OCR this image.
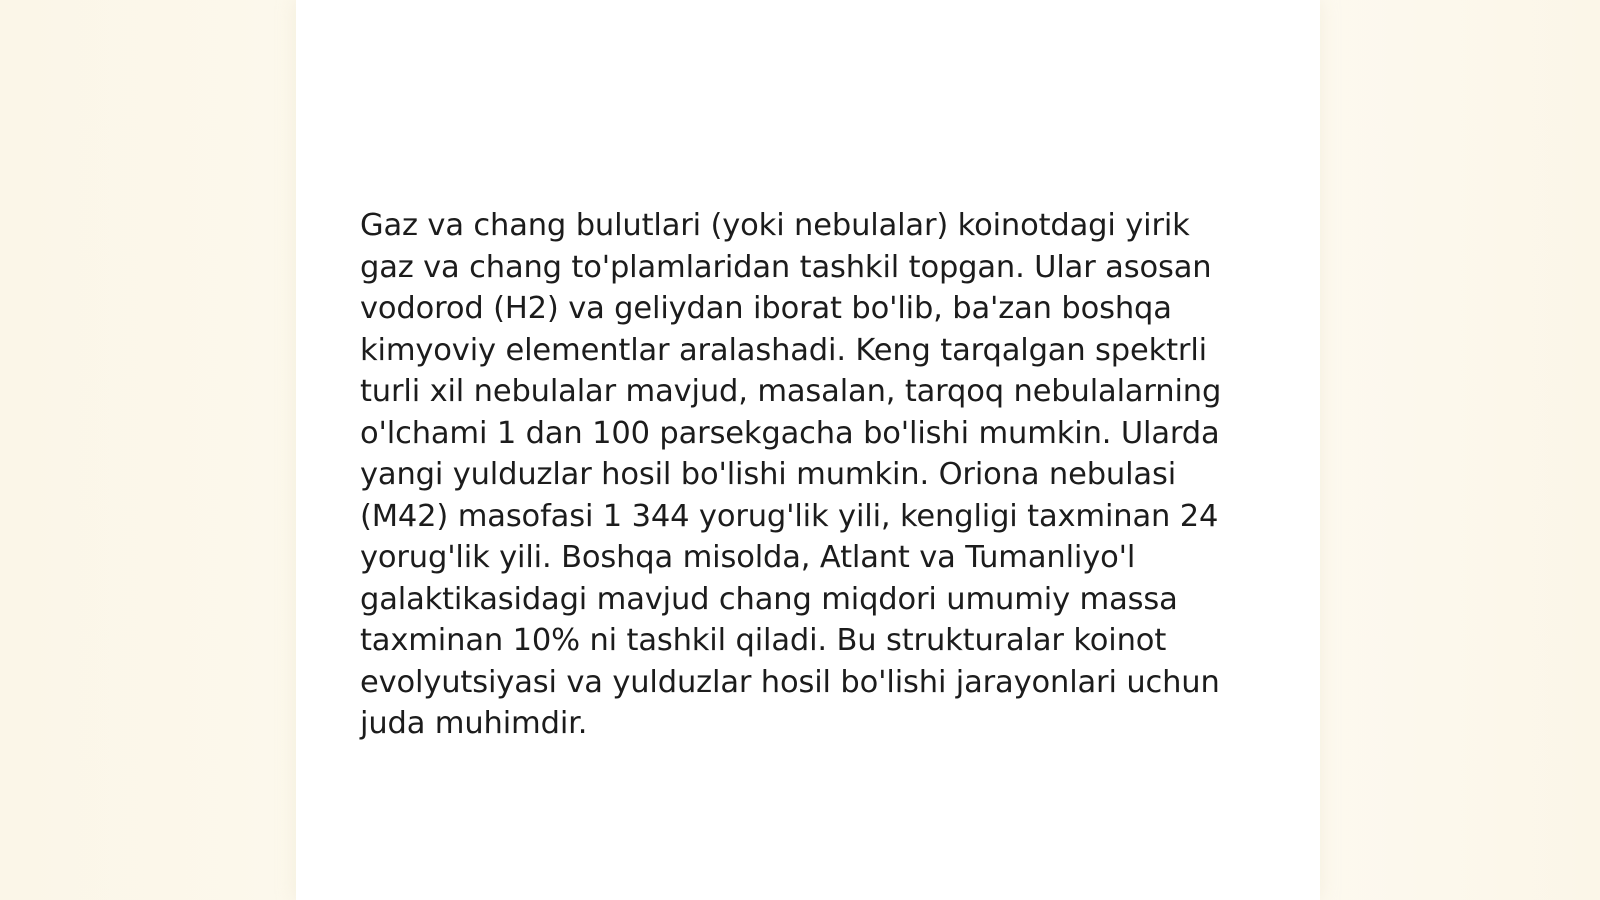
Gaz va chang bulutlari (yoki nebulalar) koinotdagi yirik gaz va chang to'plamlaridan tashkil topgan. Ular asosan vodorod (H2) va geliydan iborat bo'lib, ba'zan boshqa kimyoviy elementlar aralashadi. Keng tarqalgan spektrli turli xil nebulalar mavjud, masalan, tarqoq nebulalarning o'lchami 1 dan 100 parsekgacha bo'lishi mumkin. Ularda yangi yulduzlar hosil bo'lishi mumkin. Oriona nebulasi (M42) masofasi 1 344 yorug'lik yili, kengligi taxminan 24 yorug'lik yili. Boshqa misolda, Atlant va Tumanliyo'l galaktikasidagi mavjud chang miqdori umumiy massa taxminan 10% ni tashkil qiladi. Bu strukturalar koinot evolyutsiyasi va yulduzlar hosil bo'lishi jarayonlari uchun juda muhimdir.
